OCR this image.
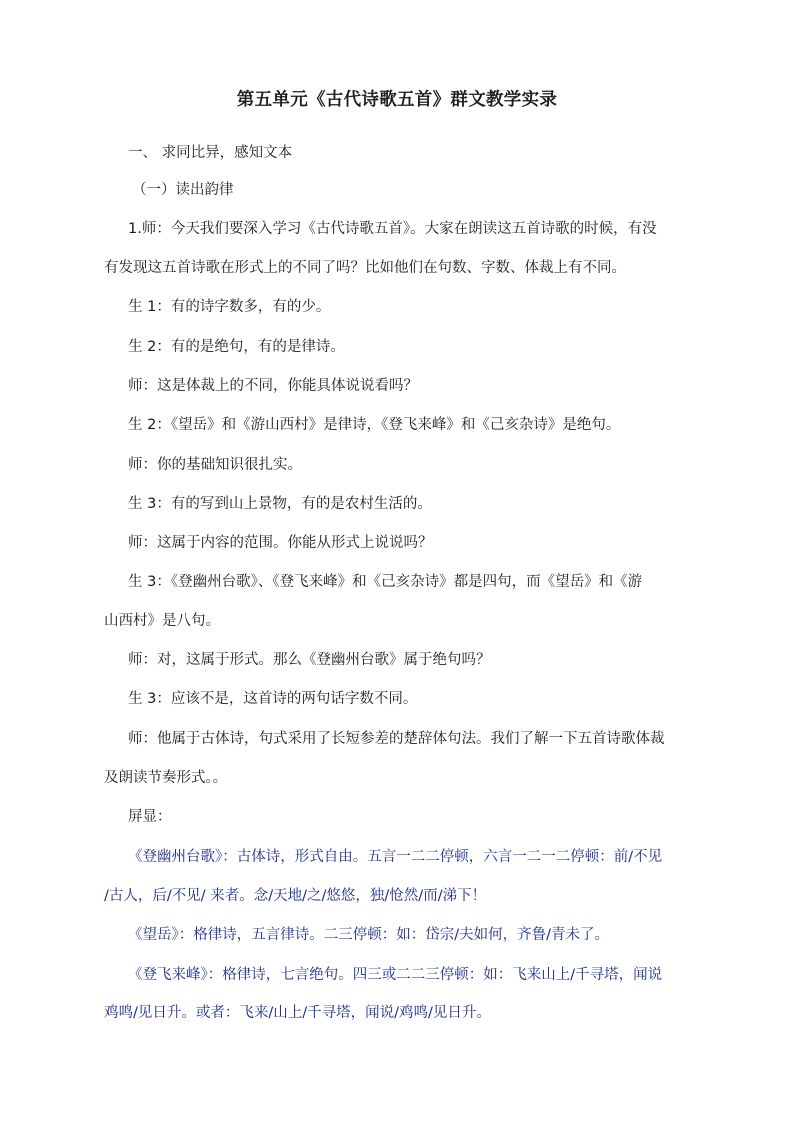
第五单元《古代诗歌五首》群文教学实录
一、 求同比异，感知文本
（一）读出韵律
1.师：今天我们要深入学习《古代诗歌五首》。大家在朗读这五首诗歌的时候，有没
有发现这五首诗歌在形式上的不同了吗？比如他们在句数、字数、体裁上有不同。
生 1：有的诗字数多，有的少。
生 2：有的是绝句，有的是律诗。
师：这是体裁上的不同，你能具体说说看吗？
生 2：《望岳》和《游山西村》是律诗，《登飞来峰》和《己亥杂诗》是绝句。
师：你的基础知识很扎实。
生 3：有的写到山上景物，有的是农村生活的。
师：这属于内容的范围。你能从形式上说说吗？
生 3：《登幽州台歌》、《登飞来峰》和《己亥杂诗》都是四句，而《望岳》和《游
山西村》是八句。
师：对，这属于形式。那么《登幽州台歌》属于绝句吗？
生 3：应该不是，这首诗的两句话字数不同。
师：他属于古体诗，句式采用了长短参差的楚辞体句法。我们了解一下五首诗歌体裁
及朗读节奏形式。。
屏显：
《登幽州台歌》：古体诗，形式自由。五言一二二停顿，六言一二一二停顿：前/不见
/古人，后/不见/ 来者。念/天地/之/悠悠，独/怆然/而/涕下！
《望岳》：格律诗，五言律诗。二三停顿：如：岱宗/夫如何，齐鲁/青未了。
《登飞来峰》：格律诗，七言绝句。四三或二二三停顿：如：飞来山上/千寻塔，闻说
鸡鸣/见日升。或者：飞来/山上/千寻塔，闻说/鸡鸣/见日升。
